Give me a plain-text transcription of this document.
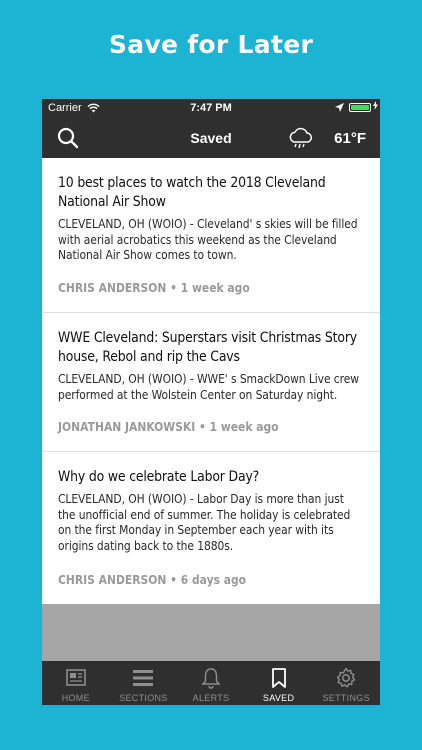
Save for Later
Carrier	7:47 PM
Saved	61°F
10 best places to watch the 2018 Cleveland National Air Show
CLEVELAND, OH (WOIO) - Cleveland' s skies will be filled with aerial acrobatics this weekend as the Cleveland National Air Show comes to town.
CHRIS ANDERSON • 1 week ago
WWE Cleveland: Superstars visit Christmas Story house, Rebol and rip the Cavs
CLEVELAND, OH (WOIO) - WWE' s SmackDown Live crew performed at the Wolstein Center on Saturday night.
JONATHAN JANKOWSKI • 1 week ago
Why do we celebrate Labor Day?
CLEVELAND, OH (WOIO) - Labor Day is more than just the unofficial end of summer. The holiday is celebrated on the first Monday in September each year with its origins dating back to the 1880s.
CHRIS ANDERSON • 6 days ago
HOME	SECTIONS	ALERTS	SAVED	SETTINGS
